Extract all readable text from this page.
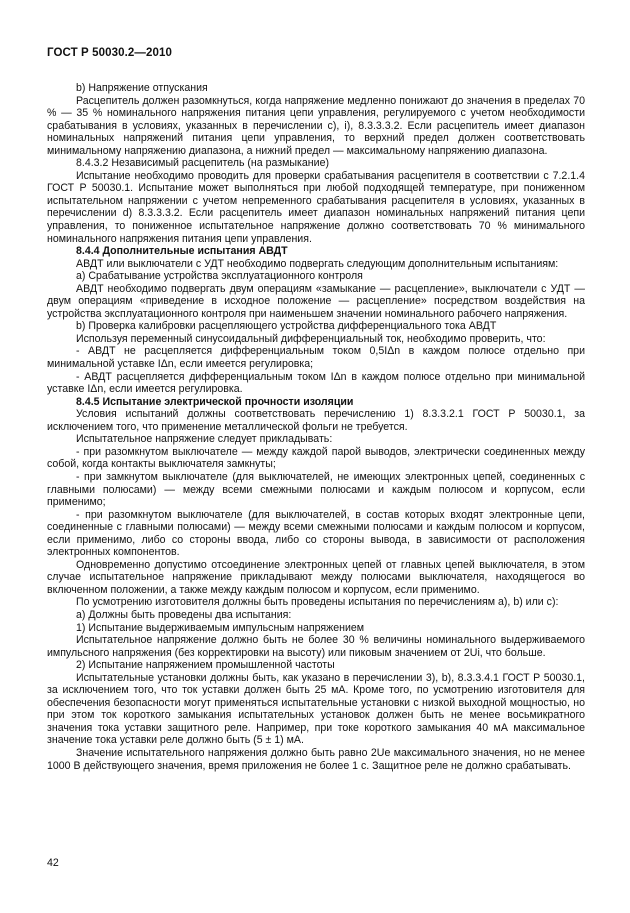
ГОСТ Р 50030.2—2010

b) Напряжение отпускания

Расцепитель должен разомкнуться, когда напряжение медленно понижают до значения в пределах 70 % — 35 % номинального напряжения питания цепи управления, регулируемого с учетом необходимости срабатывания в условиях, указанных в перечислении с), i), 8.3.3.3.2. Если расцепитель имеет диапазон номинальных напряжений питания цепи управления, то верхний предел должен соответствовать минимальному напряжению диапазона, а нижний предел — максимальному напряжению диапазона.

8.4.3.2 Независимый расцепитель (на размыкание)

Испытание необходимо проводить для проверки срабатывания расцепителя в соответствии с 7.2.1.4 ГОСТ Р 50030.1. Испытание может выполняться при любой подходящей температуре, при пониженном испытательном напряжении с учетом непременного срабатывания расцепителя в условиях, указанных в перечислении d) 8.3.3.3.2. Если расцепитель имеет диапазон номинальных напряжений питания цепи управления, то пониженное испытательное напряжение должно соответствовать 70 % минимального номинального напряжения питания цепи управления.

8.4.4 Дополнительные испытания АВДТ

АВДТ или выключатели с УДТ необходимо подвергать следующим дополнительным испытаниям:

а) Срабатывание устройства эксплуатационного контроля

АВДТ необходимо подвергать двум операциям «замыкание — расцепление», выключатели с УДТ — двум операциям «приведение в исходное положение — расцепление» посредством воздействия на устройства эксплуатационного контроля при наименьшем значении номинального рабочего напряжения.

b) Проверка калибровки расцепляющего устройства дифференциального тока АВДТ

Используя переменный синусоидальный дифференциальный ток, необходимо проверить, что:

- АВДТ не расцепляется дифференциальным током 0,5IΔn в каждом полюсе отдельно при минимальной уставке IΔn, если имеется регулировка;

- АВДТ расцепляется дифференциальным током IΔn в каждом полюсе отдельно при минимальной уставке IΔn, если имеется регулировка.

8.4.5 Испытание электрической прочности изоляции

Условия испытаний должны соответствовать перечислению 1) 8.3.3.2.1 ГОСТ Р 50030.1, за исключением того, что применение металлической фольги не требуется.

Испытательное напряжение следует прикладывать:

- при разомкнутом выключателе — между каждой парой выводов, электрически соединенных между собой, когда контакты выключателя замкнуты;

- при замкнутом выключателе (для выключателей, не имеющих электронных цепей, соединенных с главными полюсами) — между всеми смежными полюсами и каждым полюсом и корпусом, если применимо;

- при разомкнутом выключателе (для выключателей, в состав которых входят электронные цепи, соединенные с главными полюсами) — между всеми смежными полюсами и каждым полюсом и корпусом, если применимо, либо со стороны ввода, либо со стороны вывода, в зависимости от расположения электронных компонентов.

Одновременно допустимо отсоединение электронных цепей от главных цепей выключателя, в этом случае испытательное напряжение прикладывают между полюсами выключателя, находящегося во включенном положении, а также между каждым полюсом и корпусом, если применимо.

По усмотрению изготовителя должны быть проведены испытания по перечислениям а), b) или с):

а) Должны быть проведены два испытания:

1) Испытание выдерживаемым импульсным напряжением

Испытательное напряжение должно быть не более 30 % величины номинального выдерживаемого импульсного напряжения (без корректировки на высоту) или пиковым значением от 2Ui, что больше.

2) Испытание напряжением промышленной частоты

Испытательные установки должны быть, как указано в перечислении 3), b), 8.3.3.4.1 ГОСТ Р 50030.1, за исключением того, что ток уставки должен быть 25 мА. Кроме того, по усмотрению изготовителя для обеспечения безопасности могут применяться испытательные установки с низкой выходной мощностью, но при этом ток короткого замыкания испытательных установок должен быть не менее восьмикратного значения тока уставки защитного реле. Например, при токе короткого замыкания 40 мА максимальное значение тока уставки реле должно быть (5 ± 1) мА.

Значение испытательного напряжения должно быть равно 2Ue максимального значения, но не менее 1000 В действующего значения, время приложения не более 1 с. Защитное реле не должно срабатывать.

42
